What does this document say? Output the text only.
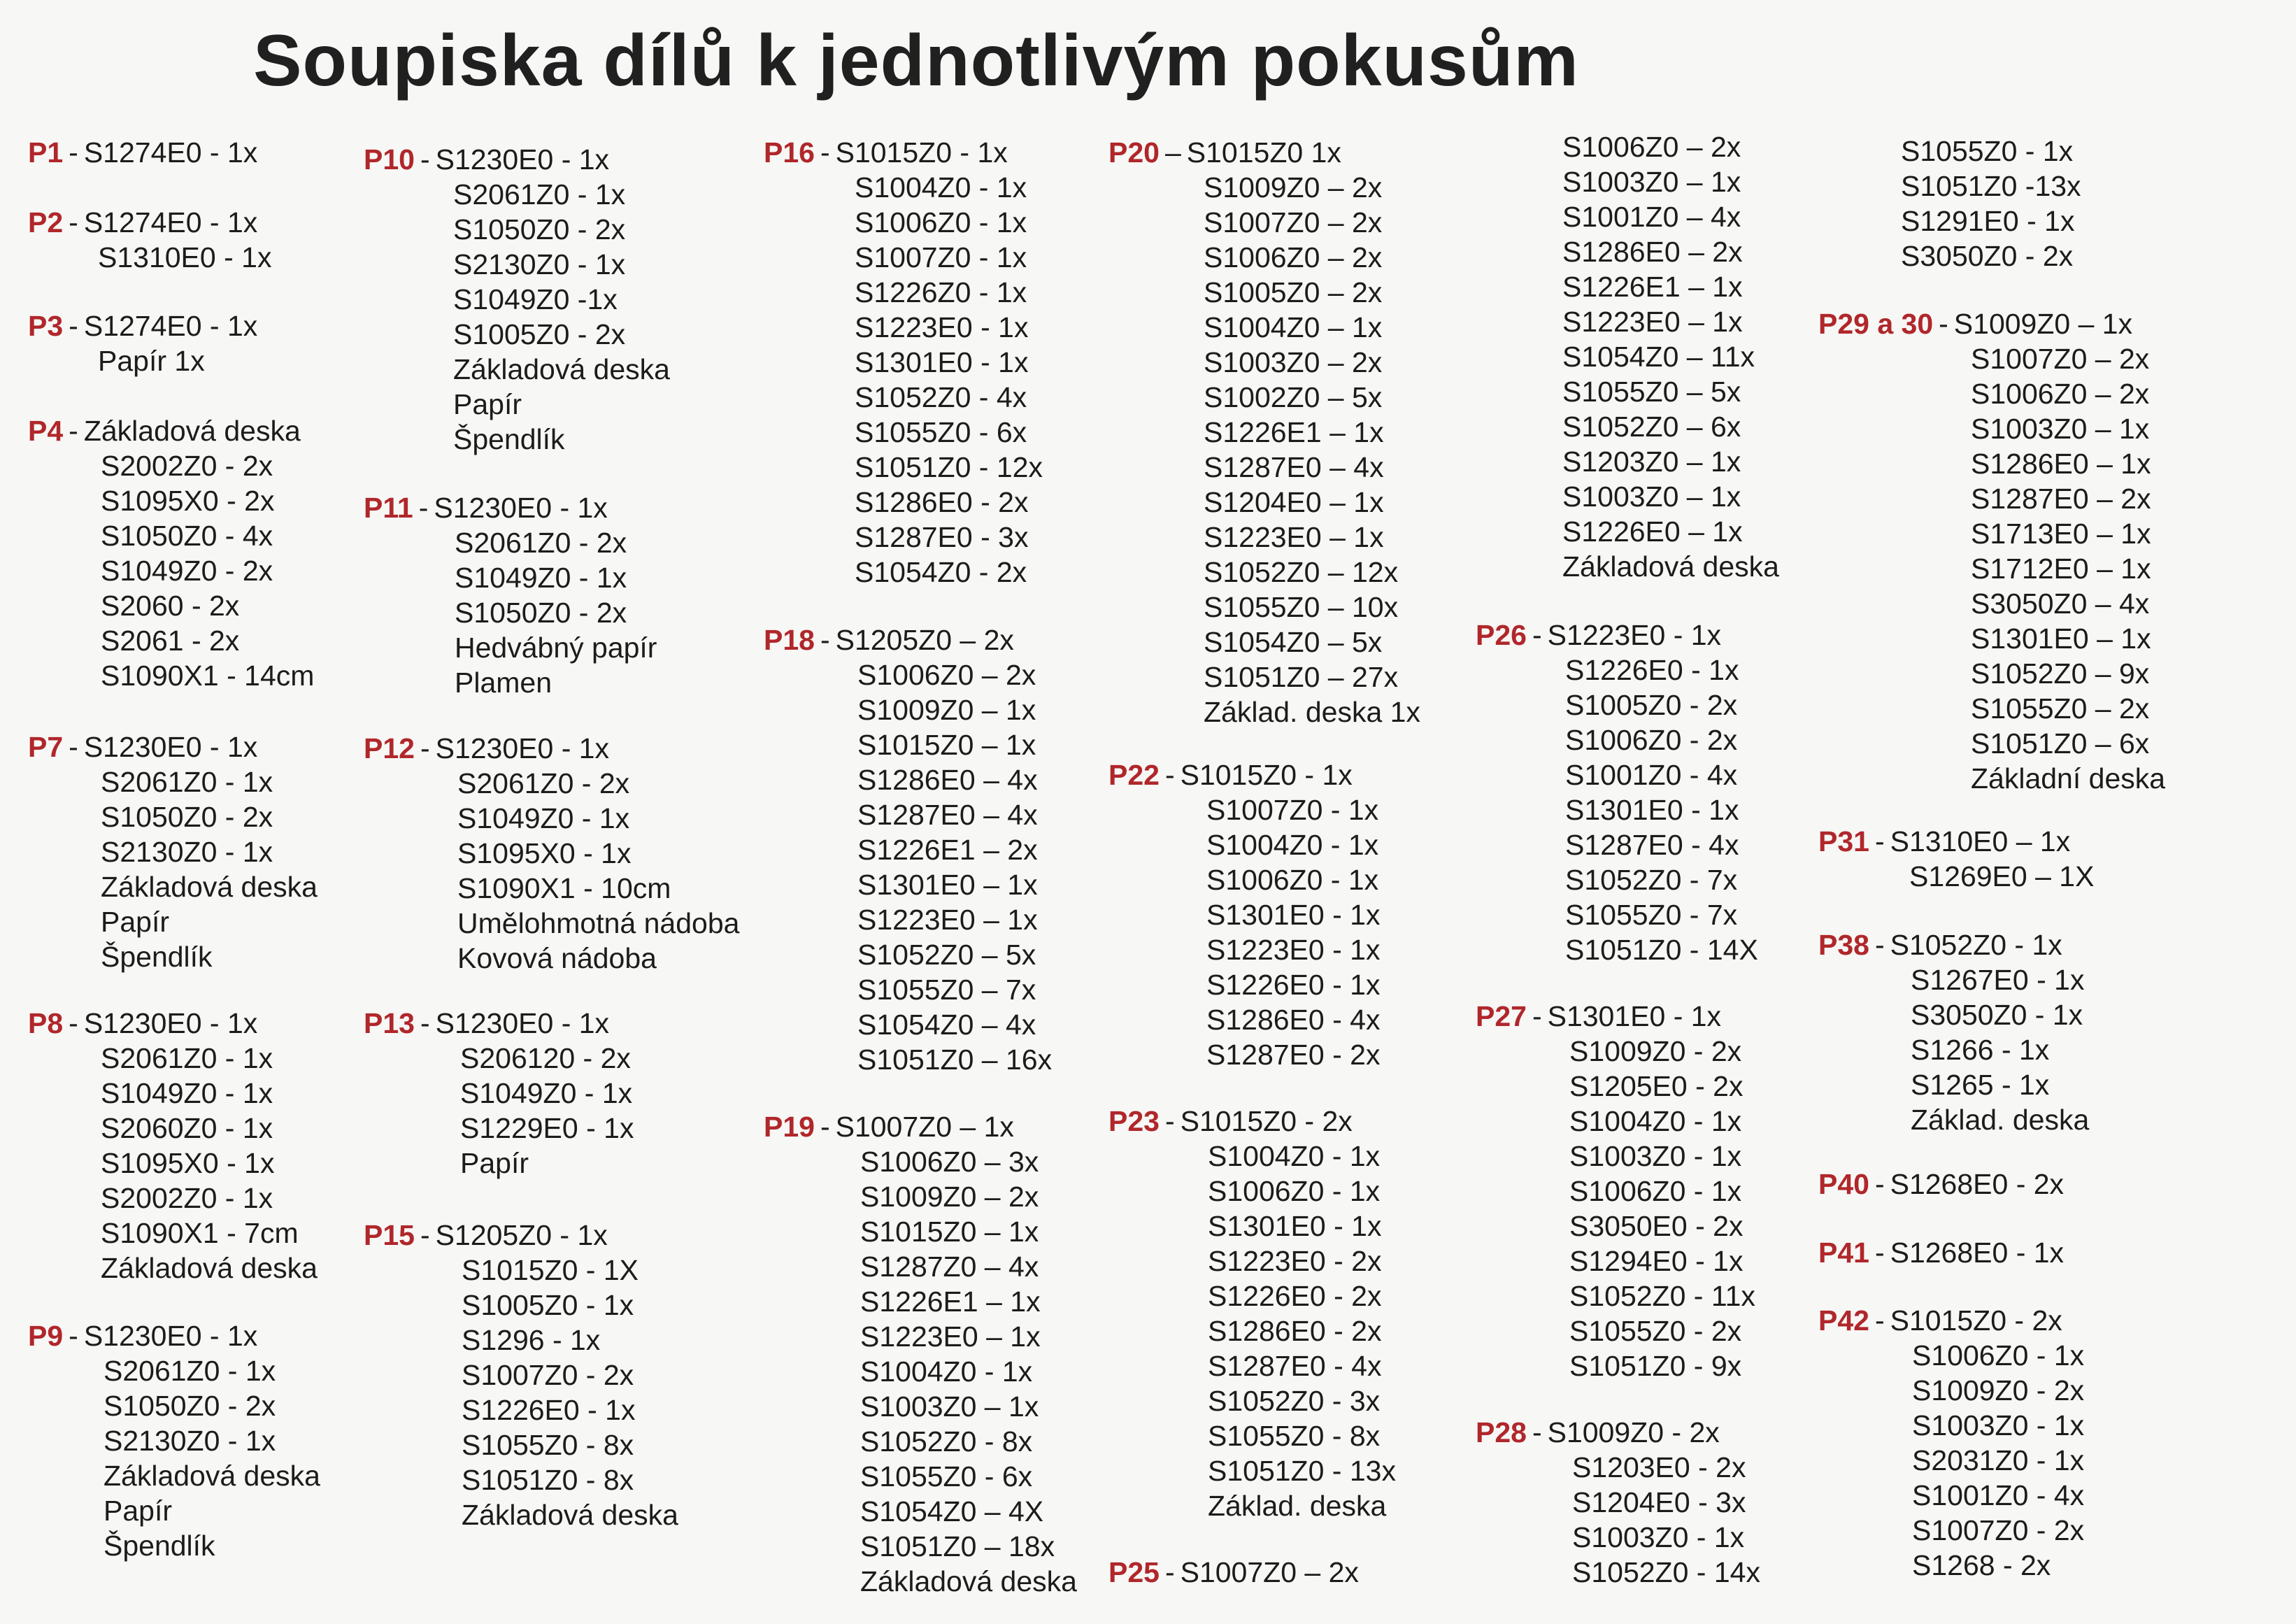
Soupiska dílů k jednotlivým pokusům
P1 - S1274E0 - 1x
P2 - S1274E0 - 1x
S1310E0 - 1x
P3 - S1274E0 - 1x
Papír 1x
P4 - Základová deska
S2002Z0 - 2x
S1095X0 - 2x
S1050Z0 - 4x
S1049Z0 - 2x
S2060 - 2x
S2061 - 2x
S1090X1 - 14cm
P7 - S1230E0 - 1x
S2061Z0 - 1x
S1050Z0 - 2x
S2130Z0 - 1x
Základová deska
Papír
Špendlík
P8 - S1230E0 - 1x
S2061Z0 - 1x
S1049Z0 - 1x
S2060Z0 - 1x
S1095X0 - 1x
S2002Z0 - 1x
S1090X1 - 7cm
Základová deska
P9 - S1230E0 - 1x
S2061Z0 - 1x
S1050Z0 - 2x
S2130Z0 - 1x
Základová deska
Papír
Špendlík
P10 - S1230E0 - 1x
S2061Z0 - 1x
S1050Z0 - 2x
S2130Z0 - 1x
S1049Z0 -1x
S1005Z0 - 2x
Základová deska
Papír
Špendlík
P11 - S1230E0 - 1x
S2061Z0 - 2x
S1049Z0 - 1x
S1050Z0 - 2x
Hedvábný papír
Plamen
P12 - S1230E0 - 1x
S2061Z0 - 2x
S1049Z0 - 1x
S1095X0 - 1x
S1090X1 - 10cm
Umělohmotná nádoba
Kovová nádoba
P13 - S1230E0 - 1x
S206120 - 2x
S1049Z0 - 1x
S1229E0 - 1x
Papír
P15 - S1205Z0 - 1x
S1015Z0 - 1X
S1005Z0 - 1x
S1296 - 1x
S1007Z0 - 2x
S1226E0 - 1x
S1055Z0 - 8x
S1051Z0 - 8x
Základová deska
P16 - S1015Z0 - 1x
S1004Z0 - 1x
S1006Z0 - 1x
S1007Z0 - 1x
S1226Z0 - 1x
S1223E0 - 1x
S1301E0 - 1x
S1052Z0 - 4x
S1055Z0 - 6x
S1051Z0 - 12x
S1286E0 - 2x
S1287E0 - 3x
S1054Z0 - 2x
P18 - S1205Z0 – 2x
S1006Z0 – 2x
S1009Z0 – 1x
S1015Z0 – 1x
S1286E0 – 4x
S1287E0 – 4x
S1226E1 – 2x
S1301E0 – 1x
S1223E0 – 1x
S1052Z0 – 5x
S1055Z0 – 7x
S1054Z0 – 4x
S1051Z0 – 16x
P19 - S1007Z0 – 1x
S1006Z0 – 3x
S1009Z0 – 2x
S1015Z0 – 1x
S1287Z0 – 4x
S1226E1 – 1x
S1223E0 – 1x
S1004Z0 - 1x
S1003Z0 – 1x
S1052Z0 - 8x
S1055Z0 - 6x
S1054Z0 – 4X
S1051Z0 – 18x
Základová deska
P20 – S1015Z0 1x
S1009Z0 – 2x
S1007Z0 – 2x
S1006Z0 – 2x
S1005Z0 – 2x
S1004Z0 – 1x
S1003Z0 – 2x
S1002Z0 – 5x
S1226E1 – 1x
S1287E0 – 4x
S1204E0 – 1x
S1223E0 – 1x
S1052Z0 – 12x
S1055Z0 – 10x
S1054Z0 – 5x
S1051Z0 – 27x
Základ. deska 1x
P22 - S1015Z0 - 1x
S1007Z0 - 1x
S1004Z0 - 1x
S1006Z0 - 1x
S1301E0 - 1x
S1223E0 - 1x
S1226E0 - 1x
S1286E0 - 4x
S1287E0 - 2x
P23 - S1015Z0 - 2x
S1004Z0 - 1x
S1006Z0 - 1x
S1301E0 - 1x
S1223E0 - 2x
S1226E0 - 2x
S1286E0 - 2x
S1287E0 - 4x
S1052Z0 - 3x
S1055Z0 - 8x
S1051Z0 - 13x
Základ. deska
P25 - S1007Z0 – 2x
S1006Z0 – 2x
S1003Z0 – 1x
S1001Z0 – 4x
S1286E0 – 2x
S1226E1 – 1x
S1223E0 – 1x
S1054Z0 – 11x
S1055Z0 – 5x
S1052Z0 – 6x
S1203Z0 – 1x
S1003Z0 – 1x
S1226E0 – 1x
Základová deska
P26 - S1223E0 - 1x
S1226E0 - 1x
S1005Z0 - 2x
S1006Z0 - 2x
S1001Z0 - 4x
S1301E0 - 1x
S1287E0 - 4x
S1052Z0 - 7x
S1055Z0 - 7x
S1051Z0 - 14X
P27 - S1301E0 - 1x
S1009Z0 - 2x
S1205E0 - 2x
S1004Z0 - 1x
S1003Z0 - 1x
S1006Z0 - 1x
S3050E0 - 2x
S1294E0 - 1x
S1052Z0 - 11x
S1055Z0 - 2x
S1051Z0 - 9x
P28 - S1009Z0 - 2x
S1203E0 - 2x
S1204E0 - 3x
S1003Z0 - 1x
S1052Z0 - 14x
S1055Z0 - 1x
S1051Z0 -13x
S1291E0 - 1x
S3050Z0 - 2x
P29 a 30 - S1009Z0 – 1x
S1007Z0 – 2x
S1006Z0 – 2x
S1003Z0 – 1x
S1286E0 – 1x
S1287E0 – 2x
S1713E0 – 1x
S1712E0 – 1x
S3050Z0 – 4x
S1301E0 – 1x
S1052Z0 – 9x
S1055Z0 – 2x
S1051Z0 – 6x
Základní deska
P31 - S1310E0 – 1x
S1269E0 – 1X
P38 - S1052Z0 - 1x
S1267E0 - 1x
S3050Z0 - 1x
S1266 - 1x
S1265 - 1x
Základ. deska
P40 - S1268E0 - 2x
P41 - S1268E0 - 1x
P42 - S1015Z0 - 2x
S1006Z0 - 1x
S1009Z0 - 2x
S1003Z0 - 1x
S2031Z0 - 1x
S1001Z0 - 4x
S1007Z0 - 2x
S1268 - 2x
